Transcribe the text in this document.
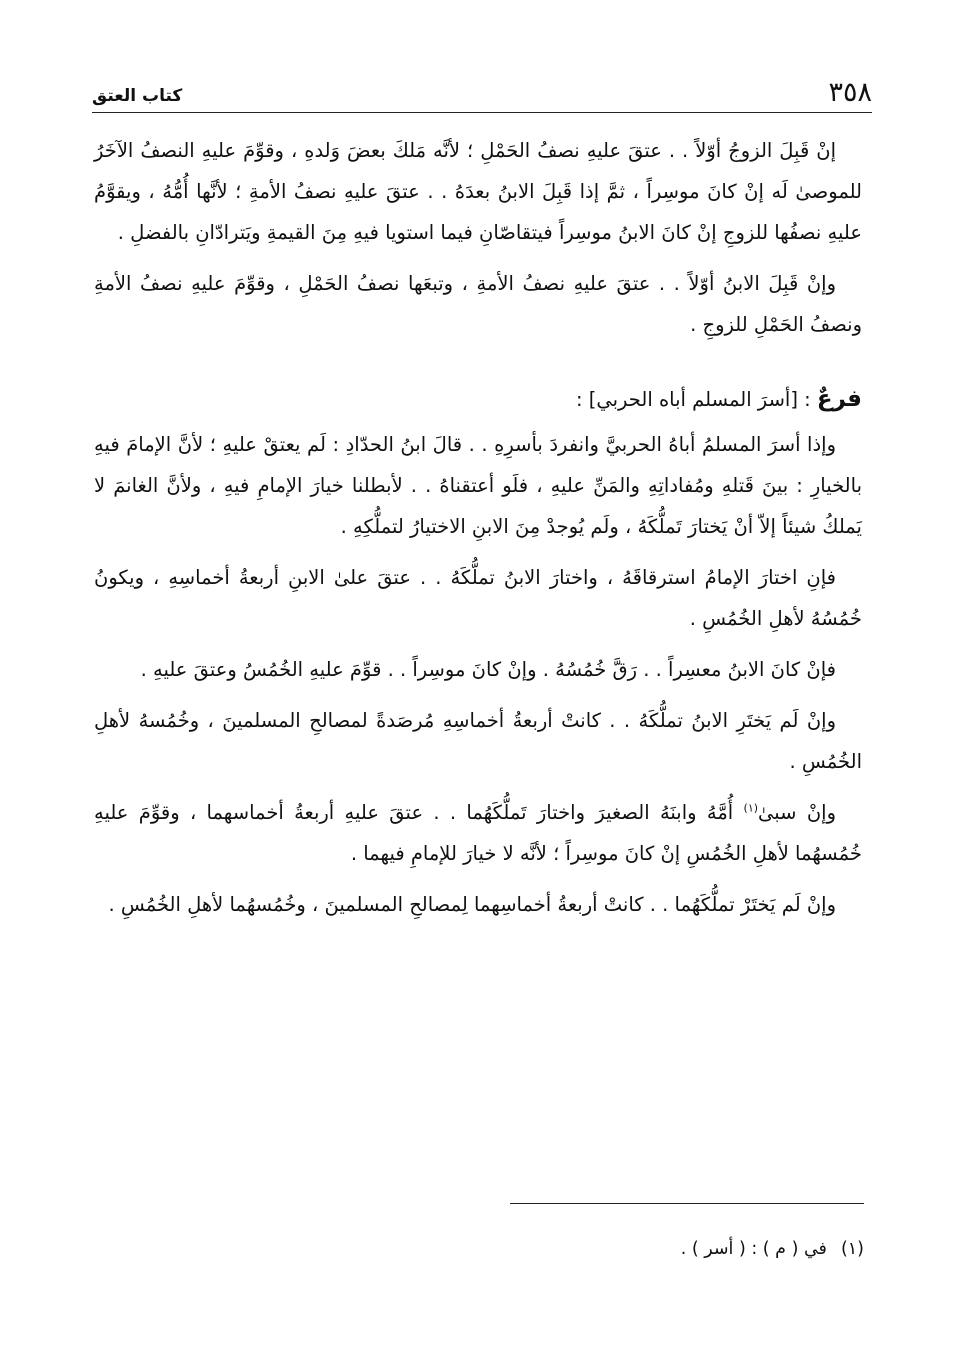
٣٥٨
كتاب العتق

إنْ قَبِلَ الزوجُ أوّلاً . . عتقَ عليهِ نصفُ الحَمْلِ ؛ لأنَّه مَلكَ بعضَ وَلدهِ ، وقوِّمَ عليهِ النصفُ الآخَرُ للموصىٰ لَه إنْ كانَ موسِراً ، ثمَّ إذا قَبِلَ الابنُ بعدَهُ . . عتقَ عليهِ نصفُ الأمةِ ؛ لأنَّها أُمُّهُ ، ويقوَّمُ عليهِ نصفُها للزوجِ إنْ كانَ الابنُ موسِراً فيتقاصّانِ فيما استويا فيهِ مِنَ القيمةِ ويَترادّانِ بالفضلِ .

وإنْ قَبِلَ الابنُ أوّلاً . . عتقَ عليهِ نصفُ الأمةِ ، وتبعَها نصفُ الحَمْلِ ، وقوِّمَ عليهِ نصفُ الأمةِ ونصفُ الحَمْلِ للزوجِ .

فرعٌ : [أسرَ المسلم أباه الحربي] :

وإذا أسرَ المسلمُ أباهُ الحربيَّ وانفردَ بأسرِهِ . . قالَ ابنُ الحدّادِ : لَم يعتقْ عليهِ ؛ لأنَّ الإمامَ فيهِ بالخيارِ : بينَ قَتلهِ ومُفاداتِهِ والمَنِّ عليهِ ، فلَو أعتقناهُ . . لأبطلنا خيارَ الإمامِ فيهِ ، ولأنَّ الغانمَ لا يَملكُ شيئاً إلاّ أنْ يَختارَ تَملُّكَهُ ، ولَم يُوجدْ مِنَ الابنِ الاختيارُ لتملُّكِهِ .

فإنِ اختارَ الإمامُ استرقاقَهُ ، واختارَ الابنُ تملُّكَهُ . . عتقَ علىٰ الابنِ أربعةُ أخماسِهِ ، ويكونُ خُمُسُهُ لأهلِ الخُمُسِ .

فإنْ كانَ الابنُ معسِراً . . رَقَّ خُمُسُهُ . وإنْ كانَ موسِراً . . قوِّمَ عليهِ الخُمُسُ وعتقَ عليهِ .

وإنْ لَم يَختَرِ الابنُ تملُّكَهُ . . كانتْ أربعةُ أخماسِهِ مُرصَدةً لمصالحِ المسلمينَ ، وخُمُسهُ لأهلِ الخُمُسِ .

وإنْ سبىٰ$^{(١)}$ أُمَّهُ وابنَهُ الصغيرَ واختارَ تَملُّكَهُما . . عتقَ عليهِ أربعةُ أخماسهما ، وقوِّمَ عليهِ خُمُسهُما لأهلِ الخُمُسِ إنْ كانَ موسِراً ؛ لأنَّه لا خيارَ للإمامِ فيهما .

وإنْ لَم يَختَرْ تملُّكَهُما . . كانتْ أربعةُ أخماسِهما لِمصالحِ المسلمينَ ، وخُمُسهُما لأهلِ الخُمُسِ .

(١)في ( م ) : ( أسر ) .
